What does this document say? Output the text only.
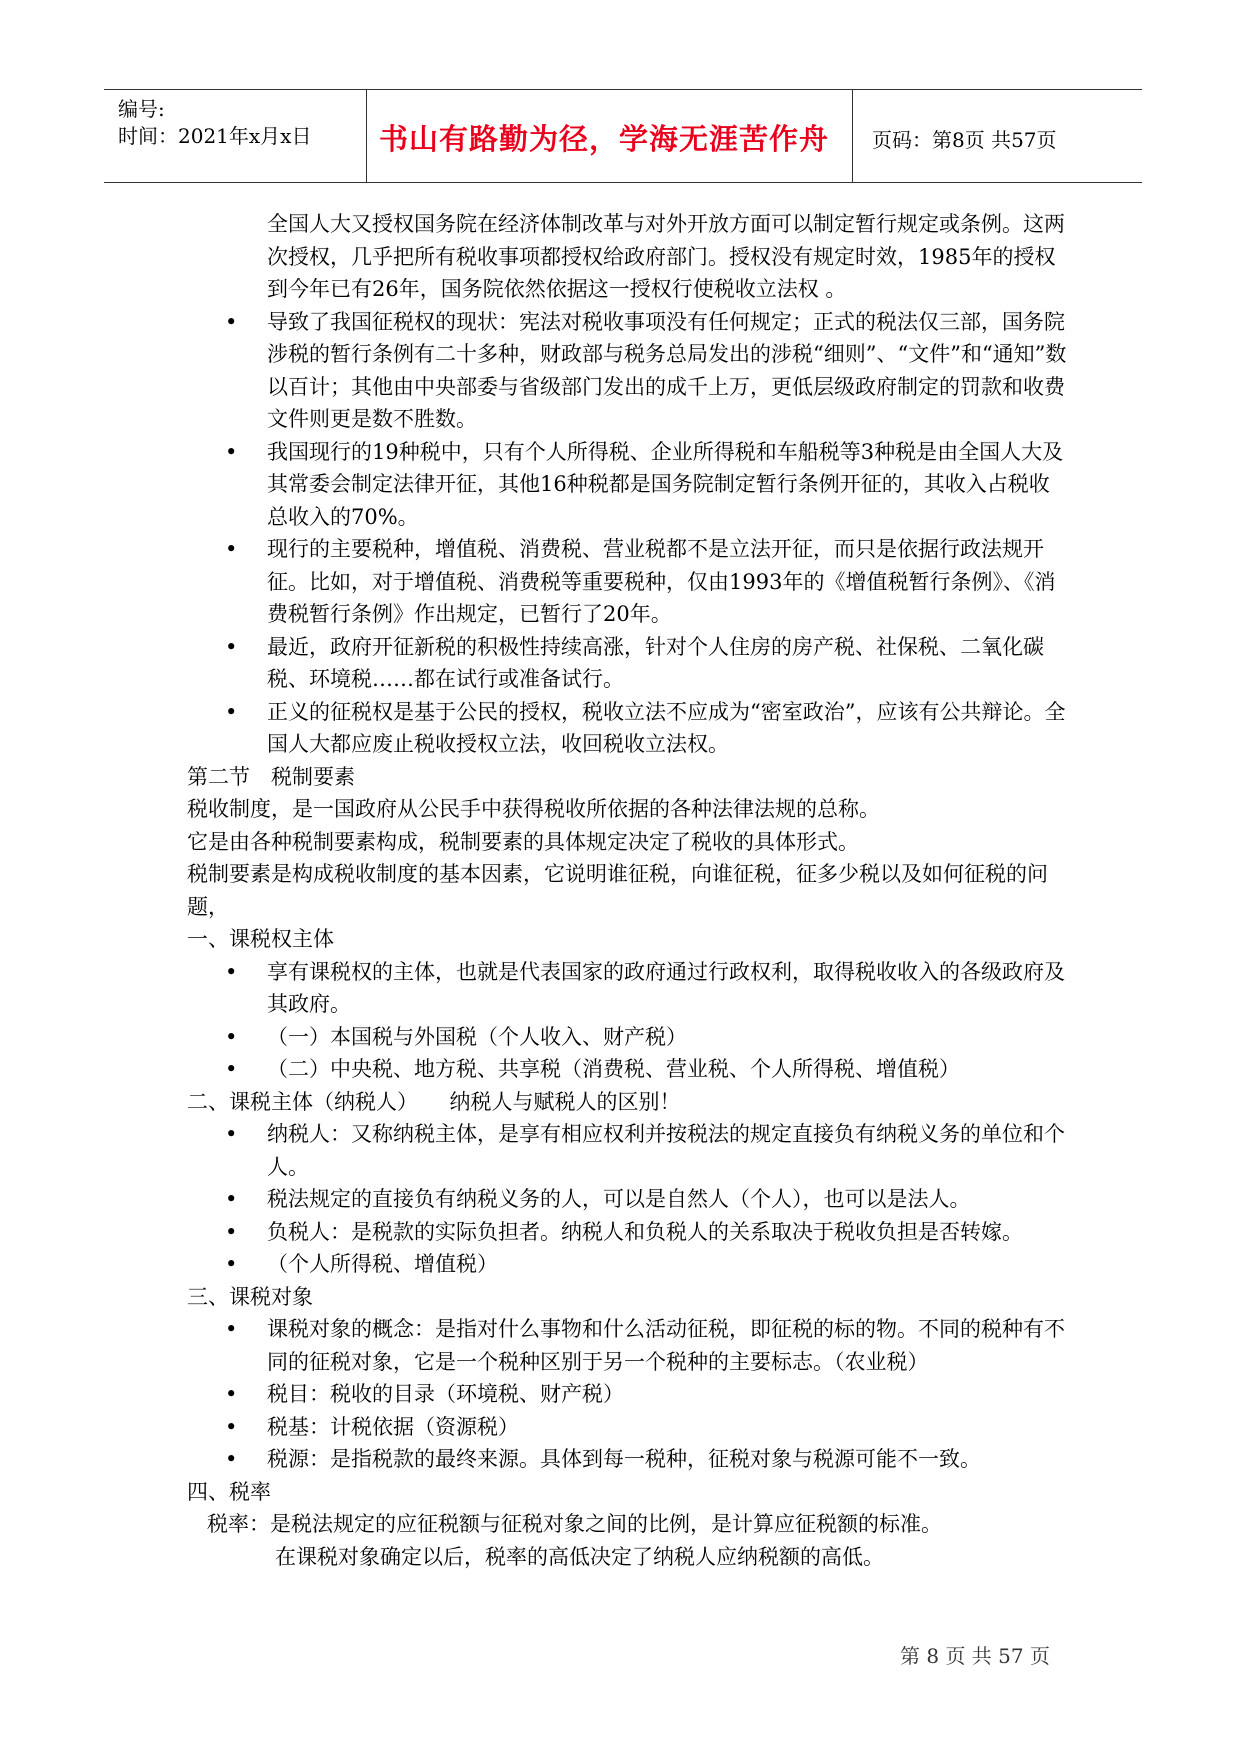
编号:
时间：2021年x月x日	书山有路勤为径，学海无涯苦作舟	页码：第8页 共57页

全国人大又授权国务院在经济体制改革与对外开放方面可以制定暂行规定或条例。这两次授权，几乎把所有税收事项都授权给政府部门。授权没有规定时效，1985年的授权到今年已有26年，国务院依然依据这一授权行使税收立法权 。

•	导致了我国征税权的现状：宪法对税收事项没有任何规定；正式的税法仅三部，国务院涉税的暂行条例有二十多种，财政部与税务总局发出的涉税“细则”、“文件”和“通知”数以百计；其他由中央部委与省级部门发出的成千上万，更低层级政府制定的罚款和收费文件则更是数不胜数。
•	我国现行的19种税中，只有个人所得税、企业所得税和车船税等3种税是由全国人大及其常委会制定法律开征，其他16种税都是国务院制定暂行条例开征的，其收入占税收总收入的70%。
•	现行的主要税种，增值税、消费税、营业税都不是立法开征，而只是依据行政法规开征。比如，对于增值税、消费税等重要税种，仅由1993年的《增值税暂行条例》、《消费税暂行条例》作出规定，已暂行了20年。
•	最近，政府开征新税的积极性持续高涨，针对个人住房的房产税、社保税、二氧化碳税、环境税……都在试行或准备试行。
•	正义的征税权是基于公民的授权，税收立法不应成为“密室政治”，应该有公共辩论。全国人大都应废止税收授权立法，收回税收立法权。

第二节　税制要素

税收制度，是一国政府从公民手中获得税收所依据的各种法律法规的总称。

它是由各种税制要素构成，税制要素的具体规定决定了税收的具体形式。

税制要素是构成税收制度的基本因素，它说明谁征税，向谁征税，征多少税以及如何征税的问题，

一、课税权主体

•	享有课税权的主体，也就是代表国家的政府通过行政权利，取得税收收入的各级政府及其政府。
•	（一）本国税与外国税（个人收入、财产税）
•	（二）中央税、地方税、共享税（消费税、营业税、个人所得税、增值税）

二、课税主体（纳税人）　　纳税人与赋税人的区别！

•	纳税人：又称纳税主体，是享有相应权利并按税法的规定直接负有纳税义务的单位和个人。
•	税法规定的直接负有纳税义务的人，可以是自然人（个人），也可以是法人。
•	负税人：是税款的实际负担者。纳税人和负税人的关系取决于税收负担是否转嫁。
•	（个人所得税、增值税）

三、课税对象

•	课税对象的概念：是指对什么事物和什么活动征税，即征税的标的物。不同的税种有不同的征税对象，它是一个税种区别于另一个税种的主要标志。（农业税）
•	税目：税收的目录（环境税、财产税）
•	税基：计税依据（资源税）
•	税源：是指税款的最终来源。具体到每一税种，征税对象与税源可能不一致。

四、税率

税率：是税法规定的应征税额与征税对象之间的比例，是计算应征税额的标准。

在课税对象确定以后，税率的高低决定了纳税人应纳税额的高低。

第 8 页 共 57 页
